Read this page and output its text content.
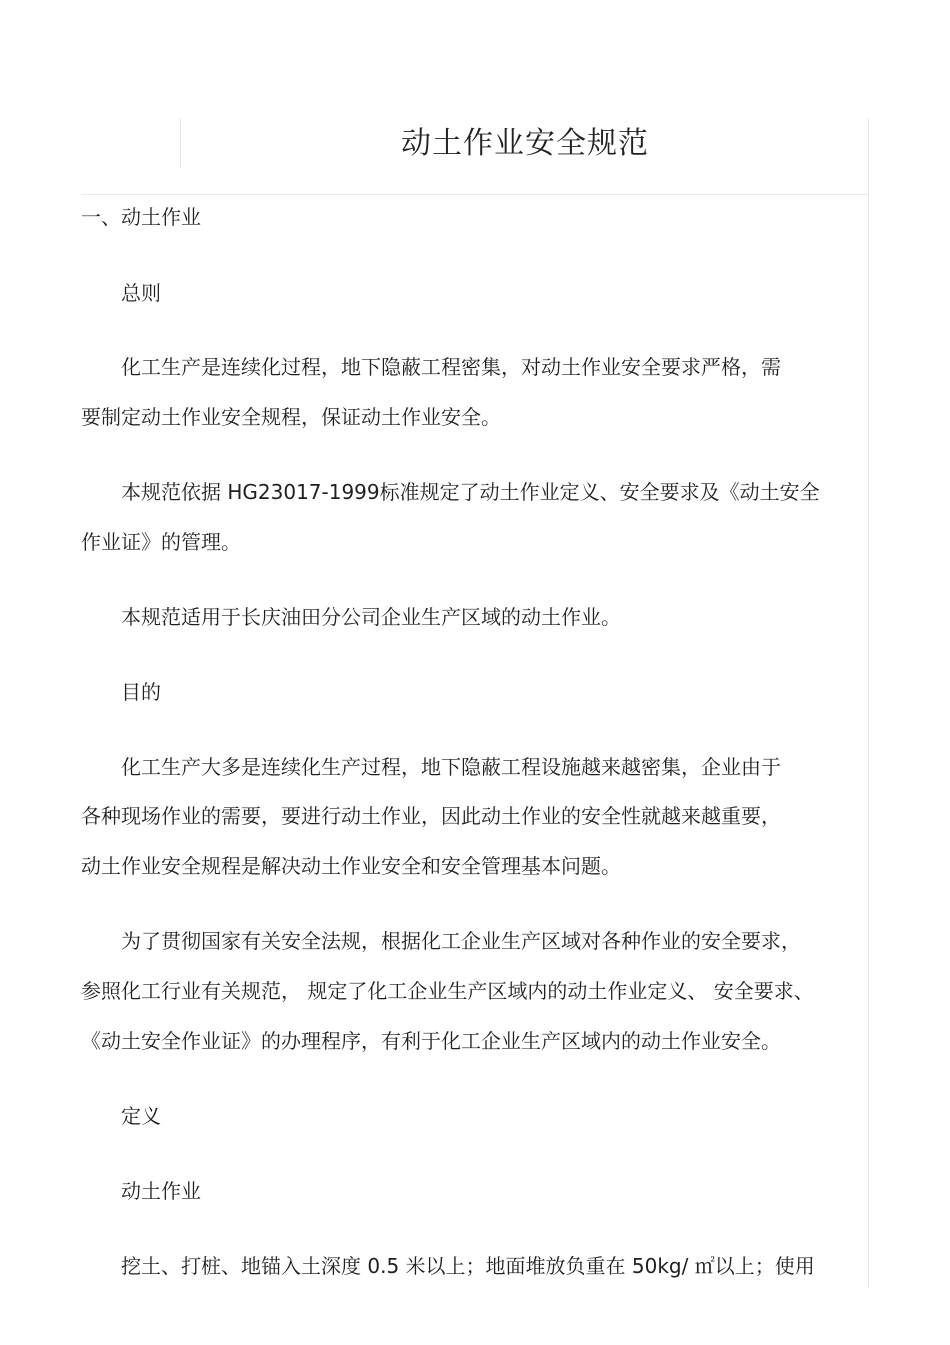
动土作业安全规范
一、动土作业
总则
化工生产是连续化过程，地下隐蔽工程密集，对动土作业安全要求严格，需
要制定动土作业安全规程，保证动土作业安全。
本规范依据 HG23017-1999标准规定了动土作业定义、安全要求及《动土安全
作业证》的管理。
本规范适用于长庆油田分公司企业生产区域的动土作业。
目的
化工生产大多是连续化生产过程，地下隐蔽工程设施越来越密集，企业由于
各种现场作业的需要，要进行动土作业，因此动土作业的安全性就越来越重要，
动土作业安全规程是解决动土作业安全和安全管理基本问题。
为了贯彻国家有关安全法规，根据化工企业生产区域对各种作业的安全要求，
参照化工行业有关规范， 规定了化工企业生产区域内的动土作业定义、 安全要求、
《动土安全作业证》的办理程序，有利于化工企业生产区域内的动土作业安全。
定义
动土作业
挖土、打桩、地锚入土深度 0.5 米以上；地面堆放负重在 50kg/ ㎡以上；使用
